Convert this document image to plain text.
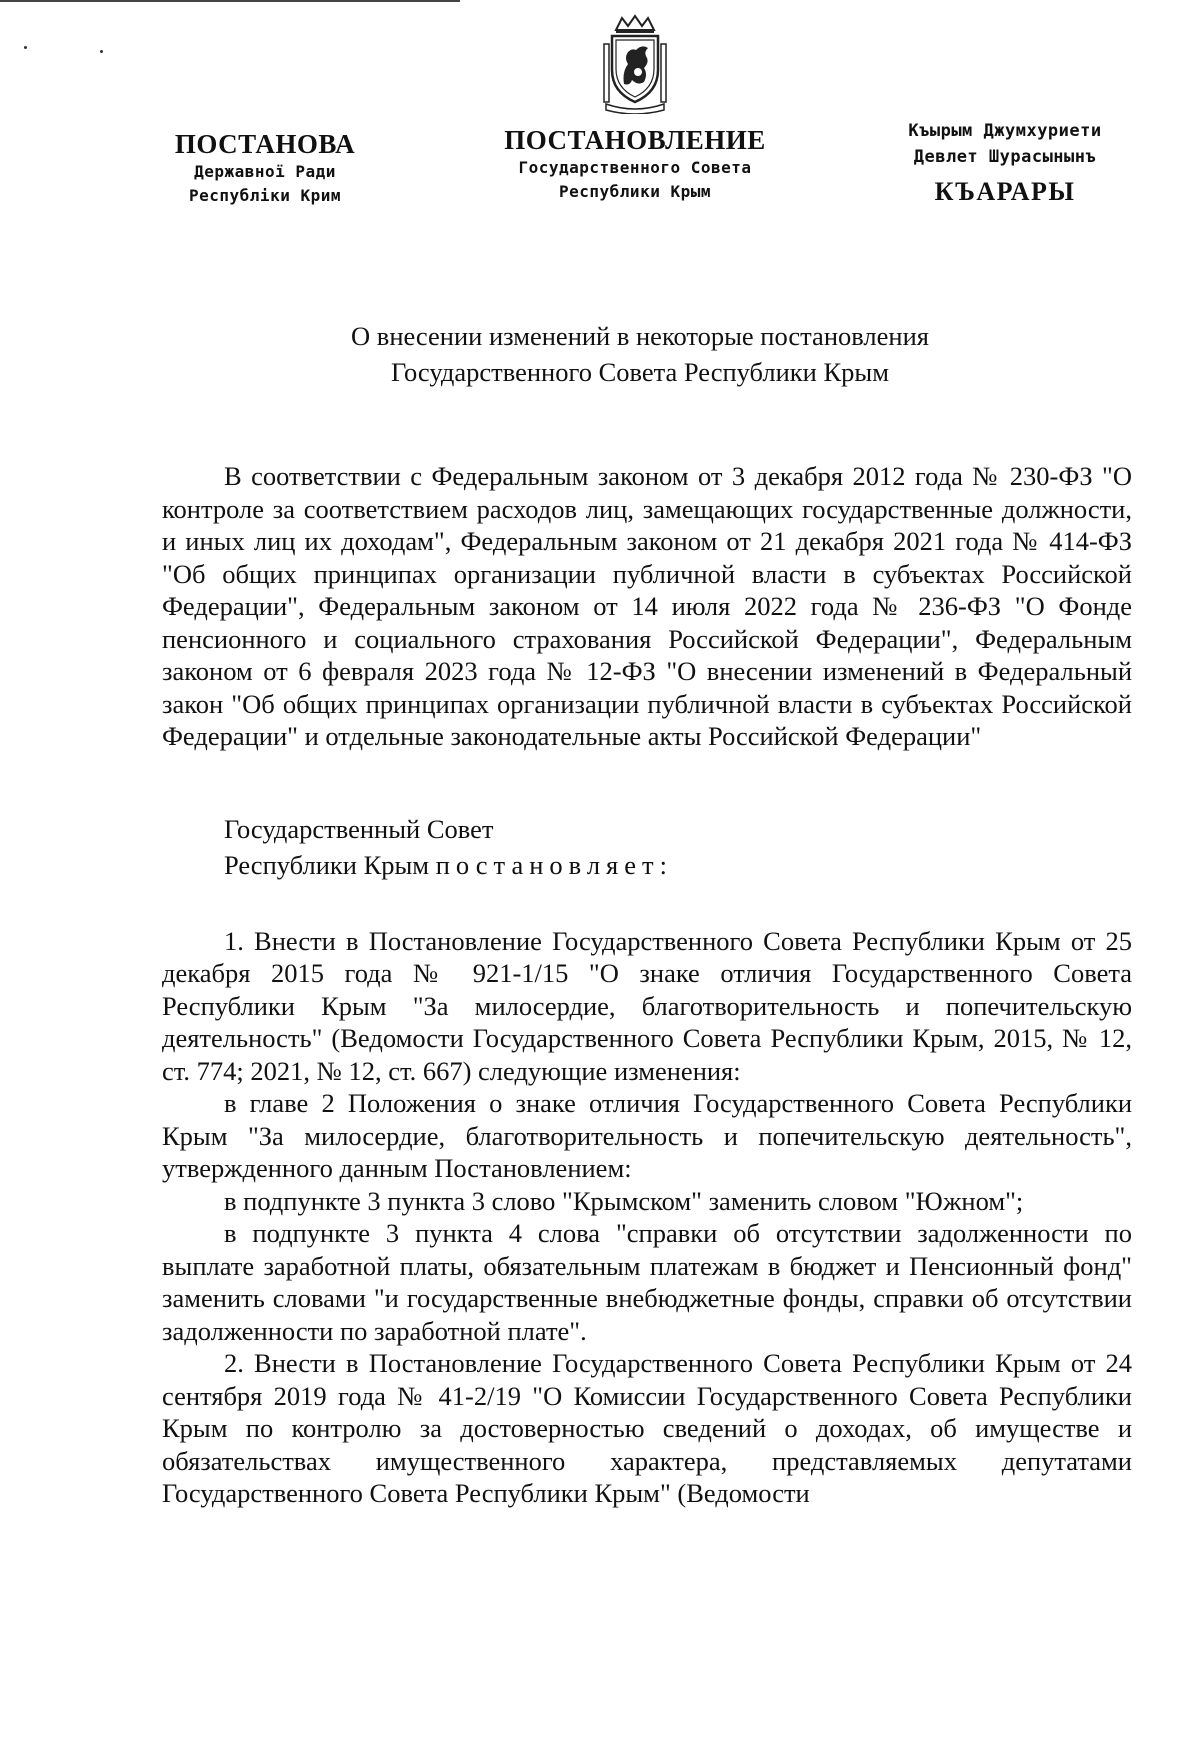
ПОСТАНОВА
Державної Ради
Республіки Крим
ПОСТАНОВЛЕНИЕ
Государственного Совета
Республики Крым
Къырым Джумхуриети
Девлет Шурасынынъ
КЪАРАРЫ
О внесении изменений в некоторые постановления
Государственного Совета Республики Крым

В соответствии с Федеральным законом от 3 декабря 2012 года № 230-ФЗ "О контроле за соответствием расходов лиц, замещающих государственные должности, и иных лиц их доходам", Федеральным законом от 21 декабря 2021 года № 414-ФЗ "Об общих принципах организации публичной власти в субъектах Российской Федерации", Федеральным законом от 14 июля 2022 года № 236-ФЗ "О Фонде пенсионного и социального страхования Российской Федерации", Федеральным законом от 6 февраля 2023 года № 12-ФЗ "О внесении изменений в Федеральный закон "Об общих принципах организации публичной власти в субъектах Российской Федерации" и отдельные законодательные акты Российской Федерации"

Государственный Совет
Республики Крым постановляет:

1. Внести в Постановление Государственного Совета Республики Крым от 25 декабря 2015 года № 921-1/15 "О знаке отличия Государственного Совета Республики Крым "За милосердие, благотворительность и попечительскую деятельность" (Ведомости Государственного Совета Республики Крым, 2015, № 12, ст. 774; 2021, № 12, ст. 667) следующие изменения:

в главе 2 Положения о знаке отличия Государственного Совета Республики Крым "За милосердие, благотворительность и попечительскую деятельность", утвержденного данным Постановлением:

в подпункте 3 пункта 3 слово "Крымском" заменить словом "Южном";

в подпункте 3 пункта 4 слова "справки об отсутствии задолженности по выплате заработной платы, обязательным платежам в бюджет и Пенсионный фонд" заменить словами "и государственные внебюджетные фонды, справки об отсутствии задолженности по заработной плате".

2. Внести в Постановление Государственного Совета Республики Крым от 24 сентября 2019 года № 41-2/19 "О Комиссии Государственного Совета Республики Крым по контролю за достоверностью сведений о доходах, об имуществе и обязательствах имущественного характера, представляемых депутатами Государственного Совета Республики Крым" (Ведомости
